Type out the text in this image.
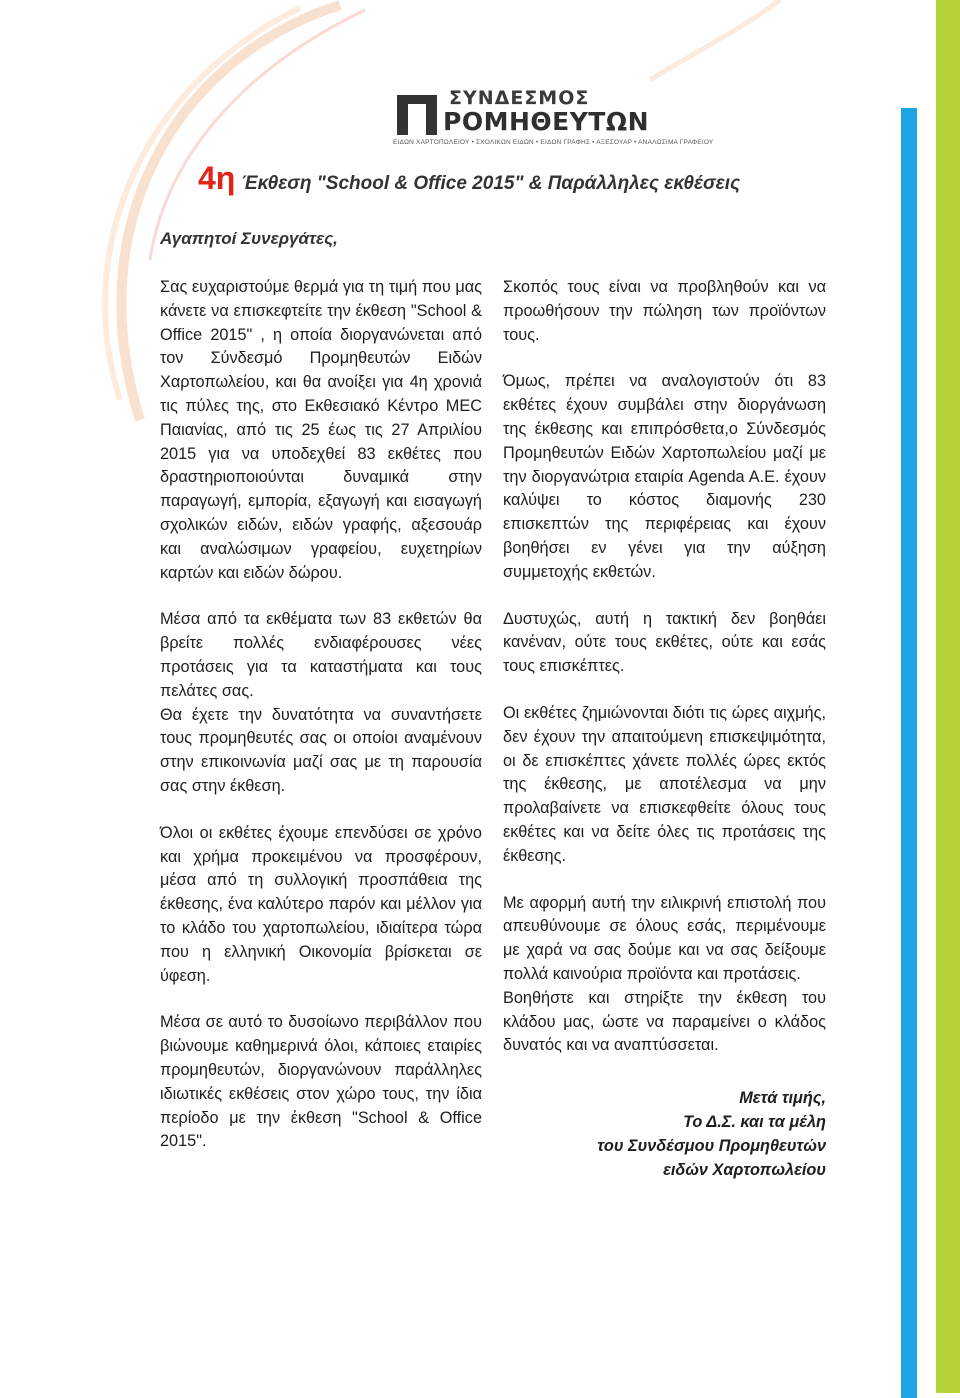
ΣΥΝΔΕΣΜΟΣ
ΡΟΜΗΘΕΥΤΩΝ
ΕΙΔΩΝ ΧΑΡΤΟΠΩΛΕΙΟΥ • ΣΧΟΛΙΚΩΝ ΕΙΔΩΝ • ΕΙΔΩΝ ΓΡΑΦΗΣ • ΑΞΕΣΟΥΑΡ • ΑΝΑΛΩΣΙΜΑ ΓΡΑΦΕΙΟΥ
4η Έκθεση "School & Office 2015" & Παράλληλες εκθέσεις
Αγαπητοί Συνεργάτες,

Σας ευχαριστούμε θερμά για τη τιμή που μας κάνετε να επισκεφτείτε την έκθεση "School & Office 2015" , η οποία διοργανώνεται από τον Σύνδεσμό Προμηθευτών Ειδών Χαρτοπωλείου, και θα ανοίξει για 4η χρονιά τις πύλες της, στο Εκθεσιακό Κέντρο MEC Παιανίας, από τις 25 έως τις 27 Απριλίου 2015 για να υποδεχθεί 83 εκθέτες που δραστηριοποιούνται δυναμικά στην παραγωγή, εμπορία, εξαγωγή και εισαγωγή σχολικών ειδών, ειδών γραφής, αξεσουάρ και αναλώσιμων γραφείου, ευχετηρίων καρτών και ειδών δώρου.

Μέσα από τα εκθέματα των 83 εκθετών θα βρείτε πολλές ενδιαφέρουσες νέες προτάσεις για τα καταστήματα και τους πελάτες σας.

Θα έχετε την δυνατότητα να συναντήσετε τους προμηθευτές σας οι οποίοι αναμένουν στην επικοινωνία μαζί σας με τη παρουσία σας στην έκθεση.

Όλοι οι εκθέτες έχουμε επενδύσει σε χρόνο και χρήμα προκειμένου να προσφέρουν, μέσα από τη συλλογική προσπάθεια της έκθεσης, ένα καλύτερο παρόν και μέλλον για το κλάδο του χαρτοπωλείου, ιδιαίτερα τώρα που η ελληνική Οικονομία βρίσκεται σε ύφεση.

Μέσα σε αυτό το δυσοίωνο περιβάλλον που βιώνουμε καθημερινά όλοι, κάποιες εταιρίες προμηθευτών, διοργανώνουν παράλληλες ιδιωτικές εκθέσεις στον χώρο τους, την ίδια περίοδο με την έκθεση "School & Office 2015".

Σκοπός τους είναι να προβληθούν και να προωθήσουν την πώληση των προϊόντων τους.

Όμως, πρέπει να αναλογιστούν ότι 83 εκθέτες έχουν συμβάλει στην διοργάνωση της έκθεσης και επιπρόσθετα,ο Σύνδεσμός Προμηθευτών Ειδών Χαρτοπωλείου μαζί με την διοργανώτρια εταιρία Agenda A.E. έχουν καλύψει το κόστος διαμονής 230 επισκεπτών της περιφέρειας και έχουν βοηθήσει εν γένει για την αύξηση συμμετοχής εκθετών.

Δυστυχώς, αυτή η τακτική δεν βοηθάει κανέναν, ούτε τους εκθέτες, ούτε και εσάς τους επισκέπτες.

Οι εκθέτες ζημιώνονται διότι τις ώρες αιχμής, δεν έχουν την απαιτούμενη επισκεψιμότητα, οι δε επισκέπτες χάνετε πολλές ώρες εκτός της έκθεσης, με αποτέλεσμα να μην προλαβαίνετε να επισκεφθείτε όλους τους εκθέτες και να δείτε όλες τις προτάσεις της έκθεσης.

Με αφορμή αυτή την ειλικρινή επιστολή που απευθύνουμε σε όλους εσάς, περιμένουμε με χαρά να σας δούμε και να σας δείξουμε πολλά καινούρια προϊόντα και προτάσεις.

Βοηθήστε και στηρίξτε την έκθεση του κλάδου μας, ώστε να παραμείνει ο κλάδος δυνατός και να αναπτύσσεται.

Μετά τιμής,
Το Δ.Σ. και τα μέλη
του Συνδέσμου Προμηθευτών
ειδών Χαρτοπωλείου
